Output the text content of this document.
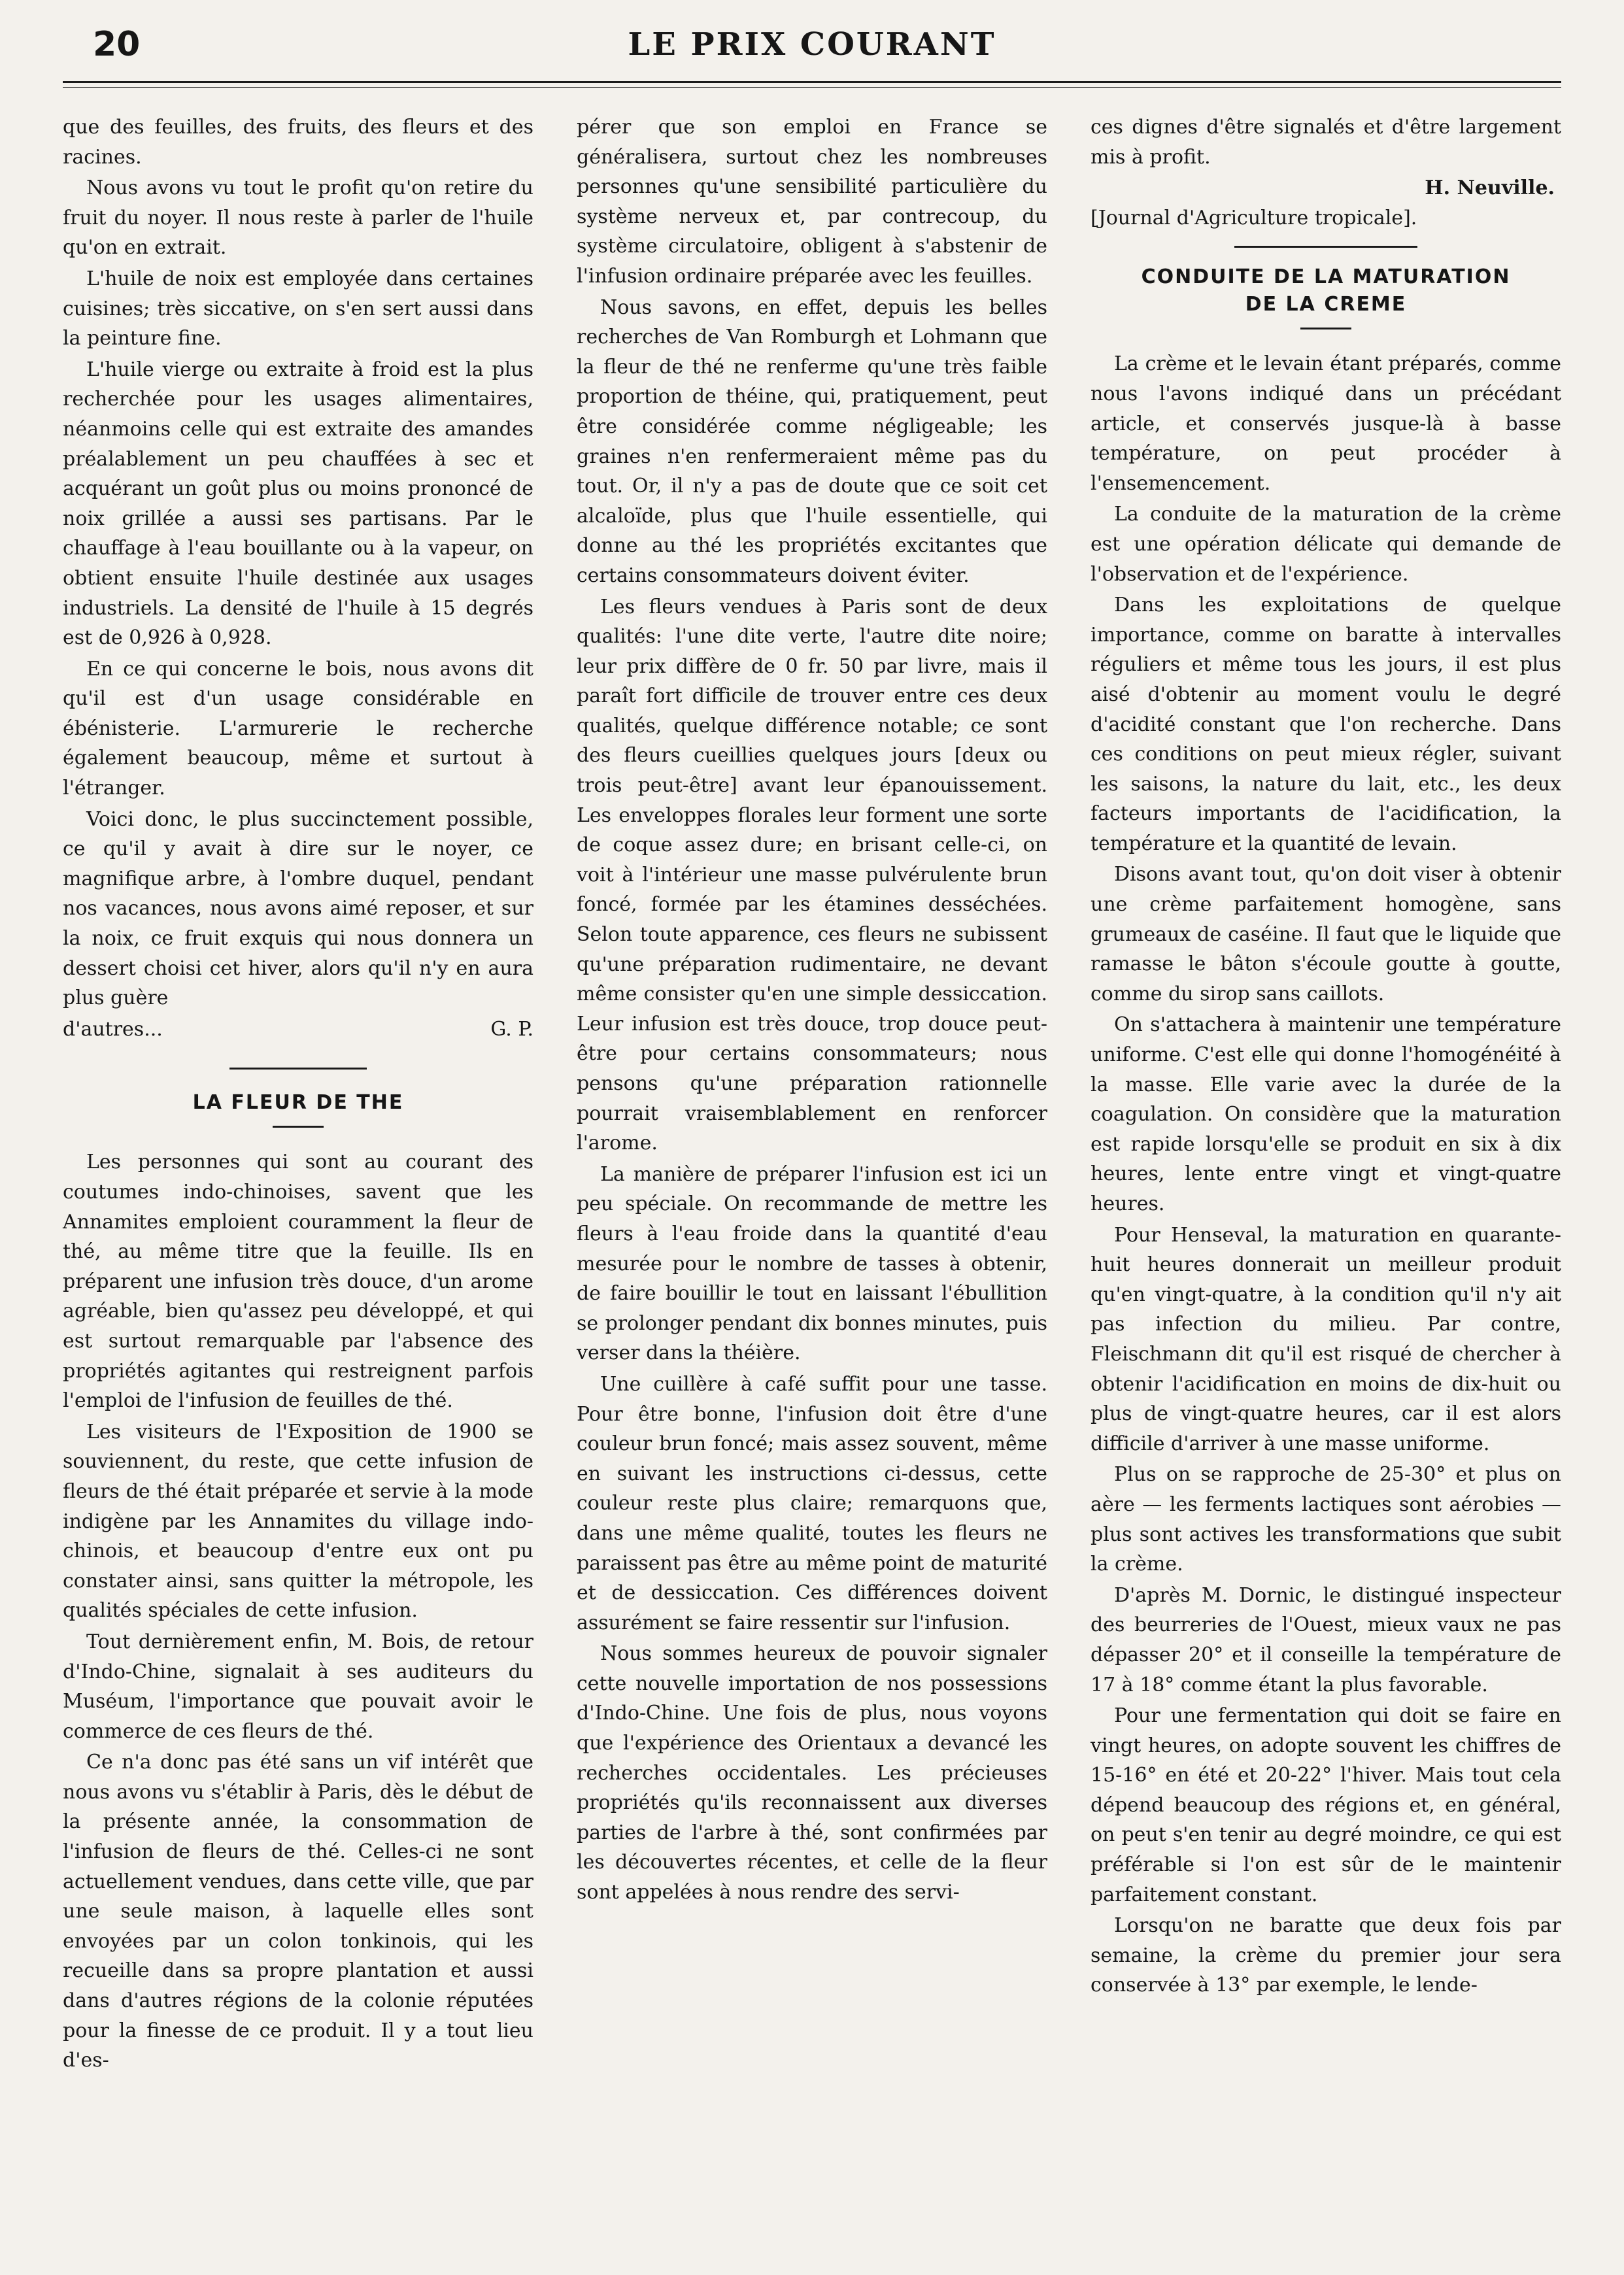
20	LE PRIX COURANT

que des feuilles, des fruits, des fleurs et des racines.

Nous avons vu tout le profit qu'on retire du fruit du noyer. Il nous reste à parler de l'huile qu'on en extrait.

L'huile de noix est employée dans certaines cuisines; très siccative, on s'en sert aussi dans la peinture fine.

L'huile vierge ou extraite à froid est la plus recherchée pour les usages alimentaires, néanmoins celle qui est extraite des amandes préalablement un peu chauffées à sec et acquérant un goût plus ou moins prononcé de noix grillée a aussi ses partisans. Par le chauffage à l'eau bouillante ou à la vapeur, on obtient ensuite l'huile destinée aux usages industriels. La densité de l'huile à 15 degrés est de 0,926 à 0,928.

En ce qui concerne le bois, nous avons dit qu'il est d'un usage considérable en ébénisterie. L'armurerie le recherche également beaucoup, même et surtout à l'étranger.

Voici donc, le plus succinctement possible, ce qu'il y avait à dire sur le noyer, ce magnifique arbre, à l'ombre duquel, pendant nos vacances, nous avons aimé reposer, et sur la noix, ce fruit exquis qui nous donnera un dessert choisi cet hiver, alors qu'il n'y en aura plus guère

d'autres...	G. P.
LA FLEUR DE THE

Les personnes qui sont au courant des coutumes indo-chinoises, savent que les Annamites emploient couramment la fleur de thé, au même titre que la feuille. Ils en préparent une infusion très douce, d'un arome agréable, bien qu'assez peu développé, et qui est surtout remarquable par l'absence des propriétés agitantes qui restreignent parfois l'emploi de l'infusion de feuilles de thé.

Les visiteurs de l'Exposition de 1900 se souviennent, du reste, que cette infusion de fleurs de thé était préparée et servie à la mode indigène par les Annamites du village indo-chinois, et beaucoup d'entre eux ont pu constater ainsi, sans quitter la métropole, les qualités spéciales de cette infusion.

Tout dernièrement enfin, M. Bois, de retour d'Indo-Chine, signalait à ses auditeurs du Muséum, l'importance que pouvait avoir le commerce de ces fleurs de thé.

Ce n'a donc pas été sans un vif intérêt que nous avons vu s'établir à Paris, dès le début de la présente année, la consommation de l'infusion de fleurs de thé. Celles-ci ne sont actuellement vendues, dans cette ville, que par une seule maison, à laquelle elles sont envoyées par un colon tonkinois, qui les recueille dans sa propre plantation et aussi dans d'autres régions de la colonie réputées pour la finesse de ce produit. Il y a tout lieu d'es-

pérer que son emploi en France se généralisera, surtout chez les nombreuses personnes qu'une sensibilité particulière du système nerveux et, par contrecoup, du système circulatoire, obligent à s'abstenir de l'infusion ordinaire préparée avec les feuilles.

Nous savons, en effet, depuis les belles recherches de Van Romburgh et Lohmann que la fleur de thé ne renferme qu'une très faible proportion de théine, qui, pratiquement, peut être considérée comme négligeable; les graines n'en renfermeraient même pas du tout. Or, il n'y a pas de doute que ce soit cet alcaloïde, plus que l'huile essentielle, qui donne au thé les propriétés excitantes que certains consommateurs doivent éviter.

Les fleurs vendues à Paris sont de deux qualités: l'une dite verte, l'autre dite noire; leur prix diffère de 0 fr. 50 par livre, mais il paraît fort difficile de trouver entre ces deux qualités, quelque différence notable; ce sont des fleurs cueillies quelques jours [deux ou trois peut-être] avant leur épanouissement. Les enveloppes florales leur forment une sorte de coque assez dure; en brisant celle-ci, on voit à l'intérieur une masse pulvérulente brun foncé, formée par les étamines desséchées. Selon toute apparence, ces fleurs ne subissent qu'une préparation rudimentaire, ne devant même consister qu'en une simple dessiccation. Leur infusion est très douce, trop douce peut-être pour certains consommateurs; nous pensons qu'une préparation rationnelle pourrait vraisemblablement en renforcer l'arome.

La manière de préparer l'infusion est ici un peu spéciale. On recommande de mettre les fleurs à l'eau froide dans la quantité d'eau mesurée pour le nombre de tasses à obtenir, de faire bouillir le tout en laissant l'ébullition se prolonger pendant dix bonnes minutes, puis verser dans la théière.

Une cuillère à café suffit pour une tasse. Pour être bonne, l'infusion doit être d'une couleur brun foncé; mais assez souvent, même en suivant les instructions ci-dessus, cette couleur reste plus claire; remarquons que, dans une même qualité, toutes les fleurs ne paraissent pas être au même point de maturité et de dessiccation. Ces différences doivent assurément se faire ressentir sur l'infusion.

Nous sommes heureux de pouvoir signaler cette nouvelle importation de nos possessions d'Indo-Chine. Une fois de plus, nous voyons que l'expérience des Orientaux a devancé les recherches occidentales. Les précieuses propriétés qu'ils reconnaissent aux diverses parties de l'arbre à thé, sont confirmées par les découvertes récentes, et celle de la fleur sont appelées à nous rendre des servi-

ces dignes d'être signalés et d'être largement mis à profit.

H. Neuville.

[Journal d'Agriculture tropicale].

CONDUITE DE LA MATURATION
DE LA CREME

La crème et le levain étant préparés, comme nous l'avons indiqué dans un précédant article, et conservés jusque-là à basse température, on peut procéder à l'ensemencement.

La conduite de la maturation de la crème est une opération délicate qui demande de l'observation et de l'expérience.

Dans les exploitations de quelque importance, comme on baratte à intervalles réguliers et même tous les jours, il est plus aisé d'obtenir au moment voulu le degré d'acidité constant que l'on recherche. Dans ces conditions on peut mieux régler, suivant les saisons, la nature du lait, etc., les deux facteurs importants de l'acidification, la température et la quantité de levain.

Disons avant tout, qu'on doit viser à obtenir une crème parfaitement homogène, sans grumeaux de caséine. Il faut que le liquide que ramasse le bâton s'écoule goutte à goutte, comme du sirop sans caillots.

On s'attachera à maintenir une température uniforme. C'est elle qui donne l'homogénéité à la masse. Elle varie avec la durée de la coagulation. On considère que la maturation est rapide lorsqu'elle se produit en six à dix heures, lente entre vingt et vingt-quatre heures.

Pour Henseval, la maturation en quarante-huit heures donnerait un meilleur produit qu'en vingt-quatre, à la condition qu'il n'y ait pas infection du milieu. Par contre, Fleischmann dit qu'il est risqué de chercher à obtenir l'acidification en moins de dix-huit ou plus de vingt-quatre heures, car il est alors difficile d'arriver à une masse uniforme.

Plus on se rapproche de 25-30° et plus on aère — les ferments lactiques sont aérobies — plus sont actives les transformations que subit la crème.

D'après M. Dornic, le distingué inspecteur des beurreries de l'Ouest, mieux vaux ne pas dépasser 20° et il conseille la température de 17 à 18° comme étant la plus favorable.

Pour une fermentation qui doit se faire en vingt heures, on adopte souvent les chiffres de 15-16° en été et 20-22° l'hiver. Mais tout cela dépend beaucoup des régions et, en général, on peut s'en tenir au degré moindre, ce qui est préférable si l'on est sûr de le maintenir parfaitement constant.

Lorsqu'on ne baratte que deux fois par semaine, la crème du premier jour sera conservée à 13° par exemple, le lende-
